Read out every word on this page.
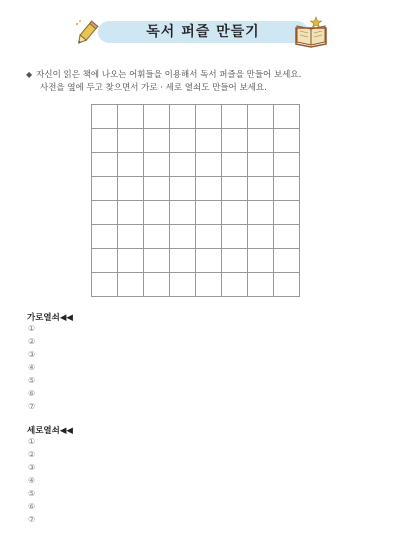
독서 퍼즐 만들기
◆ 자신이 읽은 책에 나오는 어휘들을 이용해서 독서 퍼즐을 만들어 보세요.
사전을 옆에 두고 찾으면서 가로 · 세로 열쇠도 만들어 보세요.
가로열쇠◀◀
①
②
③
④
⑤
⑥
⑦
세로열쇠◀◀
①
②
③
④
⑤
⑥
⑦
